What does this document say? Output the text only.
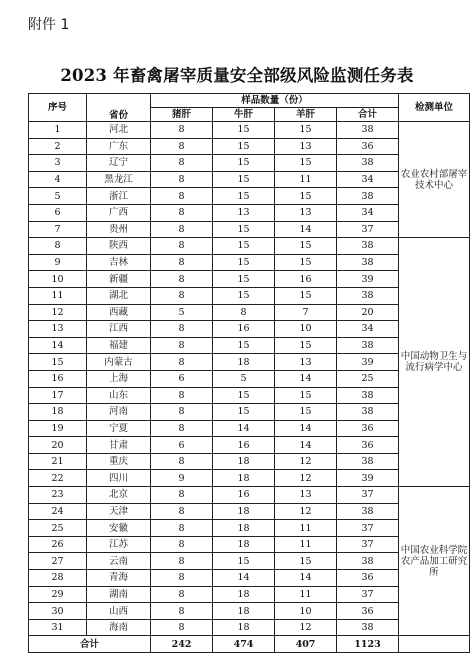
附件 1
2023 年畜禽屠宰质量安全部级风险监测任务表
序号	省份	样品数量（份）				检测单位
		猪肝	牛肝	羊肝	合计	
1	河北	8	15	15	38	农业农村部屠宰技术中心
2	广东	8	15	13	36	
3	辽宁	8	15	15	38	
4	黑龙江	8	15	11	34	
5	浙江	8	15	15	38	
6	广西	8	13	13	34	
7	贵州	8	15	14	37	
8	陕西	8	15	15	38	中国动物卫生与流行病学中心
9	吉林	8	15	15	38	
10	新疆	8	15	16	39	
11	湖北	8	15	15	38	
12	西藏	5	8	7	20	
13	江西	8	16	10	34	
14	福建	8	15	15	38	
15	内蒙古	8	18	13	39	
16	上海	6	5	14	25	
17	山东	8	15	15	38	
18	河南	8	15	15	38	
19	宁夏	8	14	14	36	
20	甘肃	6	16	14	36	
21	重庆	8	18	12	38	
22	四川	9	18	12	39	
23	北京	8	16	13	37	中国农业科学院农产品加工研究所
24	天津	8	18	12	38	
25	安徽	8	18	11	37	
26	江苏	8	18	11	37	
27	云南	8	15	15	38	
28	青海	8	14	14	36	
29	湖南	8	18	11	37	
30	山西	8	18	10	36	
31	海南	8	18	12	38	
合计		242	474	407	1123	
